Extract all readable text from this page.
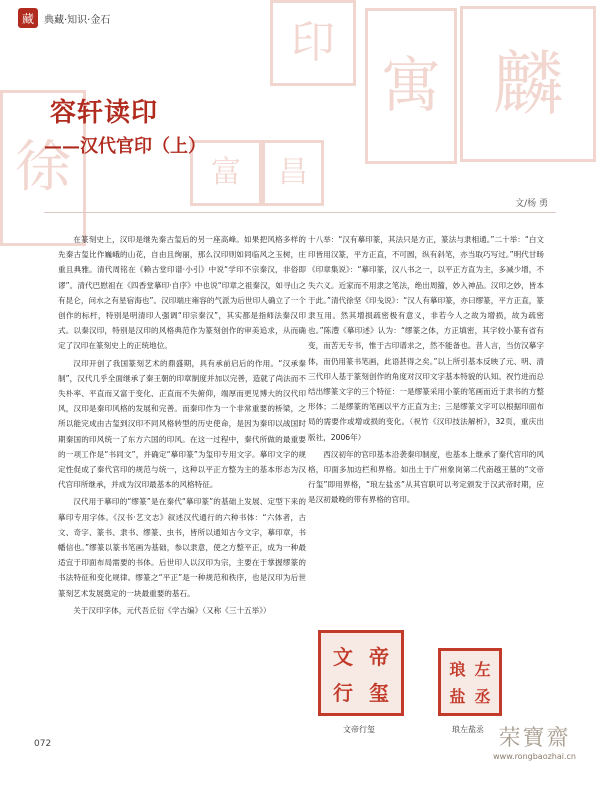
印
寓 麟
徐	富	昌
藏	典藏·知识·金石
容轩读印
——汉代官印（上）
文/杨 勇

在篆刻史上，汉印是继先秦古玺后的另一座高峰。如果把风格多样的先秦古玺比作巍峨的山花，自由且绚丽，那么汉印则如同临风之玉树，庄重且典雅。清代周铭在《赖古堂印谱·小引》中说“学印不宗秦汉，非俗即谬”。清代巴慰祖在《四香堂摹印·自序》中也说“印章之祖秦汉，如寻山之有昆仑，问水之有星宿海也”。汉印端庄雍容的气派为后世印人确立了一个创作的标杆，特别是明清印人强调“印宗秦汉”，其实都是指师法秦汉印式。以秦汉印，特别是汉印的风格典范作为篆刻创作的审美追求，从而确定了汉印在篆刻史上的正统地位。

汉印开创了我国篆刻艺术的鼎盛期，具有承前启后的作用。“汉承秦制”，汉代几乎全面继承了秦王朝的印章制度并加以完善，造就了尚法而不失朴率、平直而又富于变化、正直而不失俯仰，端厚而更见博大的汉代印风，汉印是秦印风格的发展和完善。而秦印作为一个非常重要的桥梁，之所以能完成由古玺到汉印不同风格转型的历史使命，是因为秦印以战国时期秦国的印风统一了东方六国的印风。在这一过程中，秦代所做的最重要的一项工作是“书同文”，并确定“摹印篆”为玺印专用文字。摹印文字的规定性促成了秦代官印的规范与统一，这种以平正方整为主的基本形态为汉代官印所继承，并成为汉印最基本的风格特征。

汉代用于摹印的“缪篆”是在秦代“摹印篆”的基础上发展、定型下来的摹印专用字体。《汉书·艺文志》叙述汉代通行的六种书体：“六体者，古文、奇字、篆书、隶书、缪篆、虫书，皆所以通知古今文字，摹印章，书幡信也。”缪篆以篆书笔画为基础，参以隶意，使之方整平正，成为一种最适宜于印面布局需要的书体。后世印人以汉印为宗，主要在于掌握缪篆的书法特征和变化规律。缪篆之“平正”是一种规范和秩序，也是汉印为后世篆刻艺术发展奠定的一块最重要的基石。

关于汉印字体，元代吾丘衍《学古编》（又称《三十五举》）

十八举：“汉有摹印篆，其法只是方正，篆法与隶相通。”二十举：“白文印皆用汉篆，平方正直，不可圆，纵有斜笔，亦当取巧写过。”明代甘旸《印章集说》：“摹印篆，汉八书之一，以平正方直为主，多减少增，不失六义。近家而不用隶之笔法，绝出周籀，妙入神品。汉印之妙，皆本于此。”清代徐坚《印戋说》：“汉人有摹印篆，亦曰缪篆，平方正直，篆隶互用。然其增损疏密极有意义，非若今人之故为增损，故为疏密也。”陈澧《摹印述》认为：“缪篆之体，方正填密，其字较小篆有省有变，而苦无专书，惟于古印谱求之，然不能备也。昔人言，当仿汉摹字体，而仍用篆书笔画，此语甚得之矣。”以上所引基本反映了元、明、清三代印人基于篆刻创作的角度对汉印文字基本特貌的认知。祝竹进而总结出缪篆文字的三个特征：一是缪篆采用小篆的笔画而近于隶书的方整形体；二是缪篆的笔画以平方正直为主；三是缪篆文字可以根据印面布局的需要作或增或损的变化。（祝竹《汉印技法解析》，32页，重庆出版社，2006年）

西汉初年的官印基本沿袭秦印制度，也基本上继承了秦代官印的风格，印面多加边栏和界格。如出土于广州象岗第二代南越王墓的“文帝行玺”即用界格，“琅左盐丞”从其官职可以考定颁发于汉武帝时期，应是汉初最晚的带有界格的官印。

文 帝
行 玺
文帝行玺
琅 左
盐 丞
琅左盐丞
072	荣寶齋
www.rongbaozhai.cn
